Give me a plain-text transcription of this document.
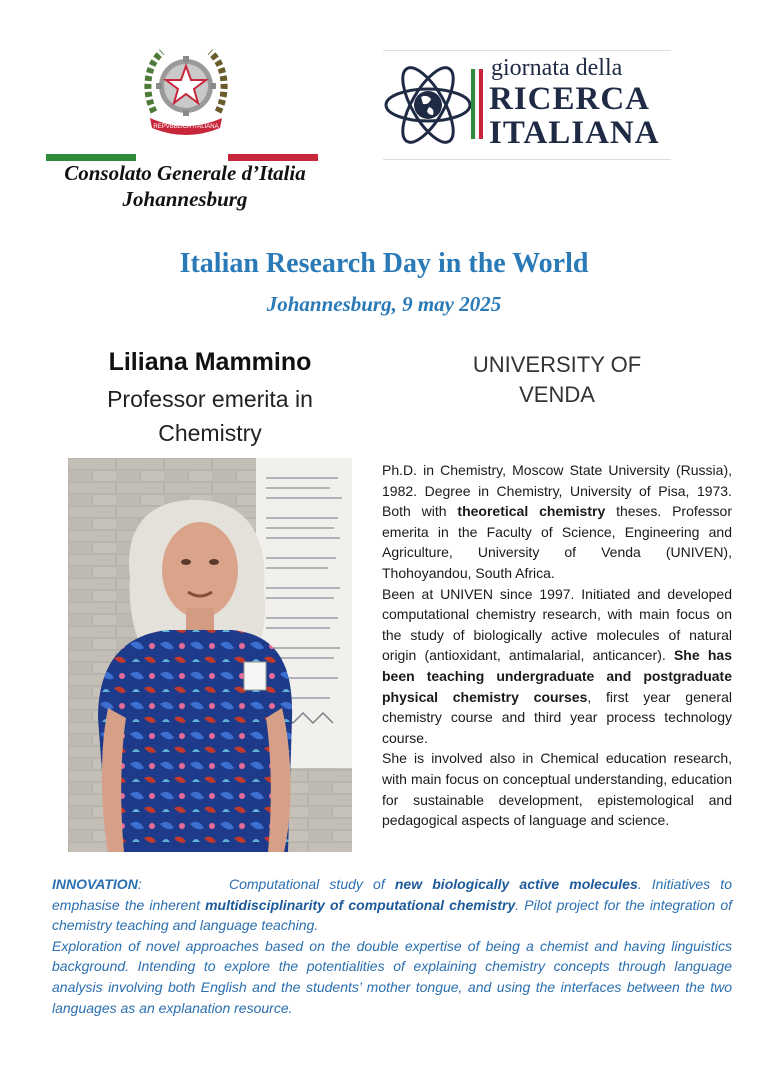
REPVBBLICA ITALIANA
Consolato Generale d’Italia
Johannesburg
giornata della
RICERCA
ITALIANA
Italian Research Day in the World
Johannesburg, 9 may 2025
Liliana Mammino
Professor emerita in
Chemistry
UNIVERSITY OF
VENDA

Ph.D. in Chemistry, Moscow State University (Russia), 1982. Degree in Chemistry, University of Pisa, 1973. Both with theoretical chemistry theses. Professor emerita in the Faculty of Science, Engineering and Agriculture, University of Venda (UNIVEN), Thohoyandou, South Africa.

Been at UNIVEN since 1997. Initiated and developed computational chemistry research, with main focus on the study of biologically active molecules of natural origin (antioxidant, antimalarial, anticancer). She has been teaching undergraduate and postgraduate physical chemistry courses, first year general chemistry course and third year process technology course.

She is involved also in Chemical education research, with main focus on conceptual understanding, education for sustainable development, epistemological and pedagogical aspects of language and science.

INNOVATION:	Computational study of new biologically active molecules. Initiatives to emphasise the inherent multidisciplinarity of computational chemistry. Pilot project for the integration of chemistry teaching and language teaching.

Exploration of novel approaches based on the double expertise of being a chemist and having linguistics background. Intending to explore the potentialities of explaining chemistry concepts through language analysis involving both English and the students’ mother tongue, and using the interfaces between the two languages as an explanation resource.
